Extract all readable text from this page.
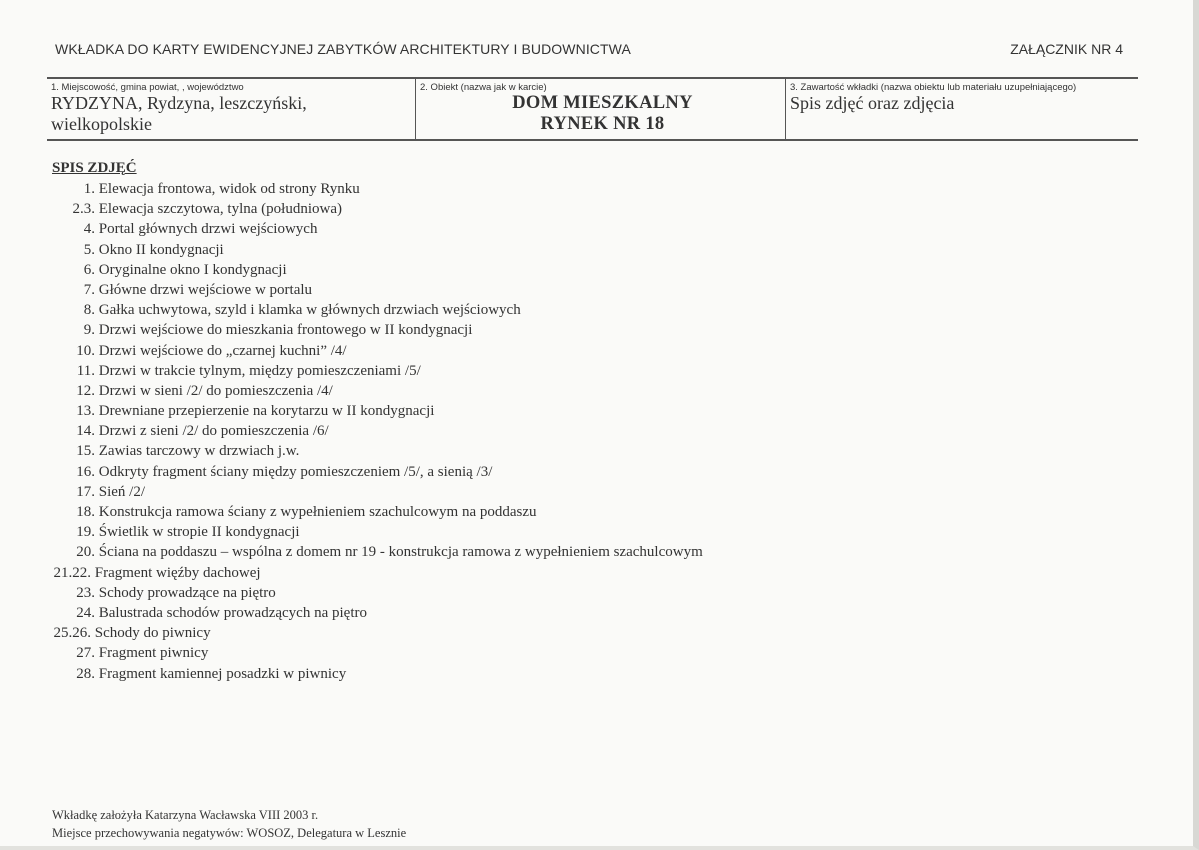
WKŁADKA DO KARTY EWIDENCYJNEJ ZABYTKÓW ARCHITEKTURY I BUDOWNICTWA	ZAŁĄCZNIK NR 4
1. Miejscowość, gmina powiat, , województwo
RYDZYNA, Rydzyna, leszczyński,
wielkopolskie
2. Obiekt (nazwa jak w karcie)
DOM MIESZKALNY
RYNEK NR 18
3. Zawartość wkładki (nazwa obiektu lub materiału uzupełniającego)
Spis zdjęć oraz zdjęcia
SPIS ZDJĘĆ
1. Elewacja frontowa, widok od strony Rynku
2.3. Elewacja szczytowa, tylna (południowa)
4. Portal głównych drzwi wejściowych
5. Okno II kondygnacji
6. Oryginalne okno I kondygnacji
7. Główne drzwi wejściowe w portalu
8. Gałka uchwytowa, szyld i klamka w głównych drzwiach wejściowych
9. Drzwi wejściowe do mieszkania frontowego w II kondygnacji
10. Drzwi wejściowe do „czarnej kuchni” /4/
11. Drzwi w trakcie tylnym, między pomieszczeniami /5/
12. Drzwi w sieni /2/ do pomieszczenia /4/
13. Drewniane przepierzenie na korytarzu w II kondygnacji
14. Drzwi z sieni /2/ do pomieszczenia /6/
15. Zawias tarczowy w drzwiach j.w.
16. Odkryty fragment ściany między pomieszczeniem /5/, a sienią /3/
17. Sień /2/
18. Konstrukcja ramowa ściany z wypełnieniem szachulcowym na poddaszu
19. Świetlik w stropie II kondygnacji
20. Ściana na poddaszu – wspólna z domem nr 19 - konstrukcja ramowa z wypełnieniem szachulcowym
21.22. Fragment więźby dachowej
23. Schody prowadzące na piętro
24. Balustrada schodów prowadzących na piętro
25.26. Schody do piwnicy
27. Fragment piwnicy
28. Fragment kamiennej posadzki w piwnicy
Wkładkę założyła Katarzyna Wacławska VIII 2003 r.
Miejsce przechowywania negatywów: WOSOZ, Delegatura w Lesznie
